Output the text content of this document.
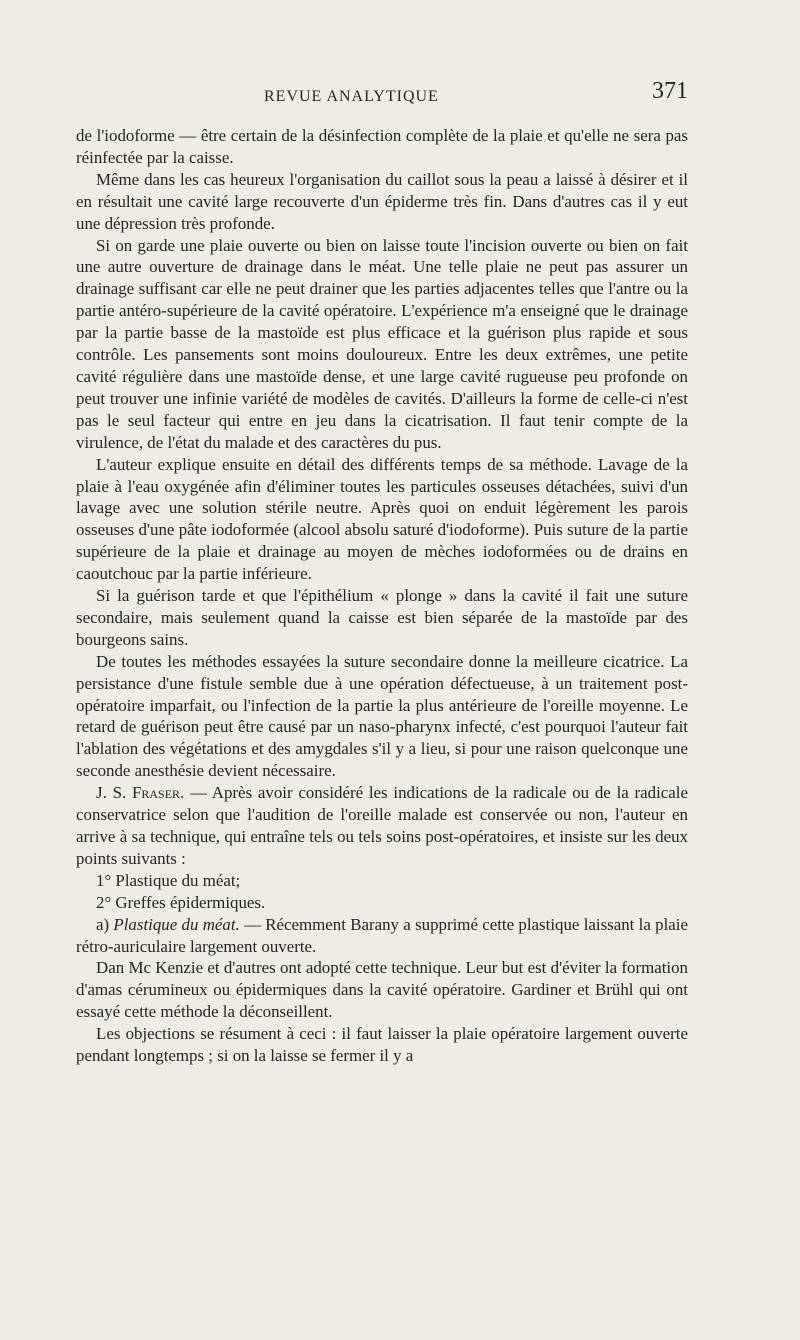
REVUE ANALYTIQUE	371

de l'iodoforme — être certain de la désinfection complète de la plaie et qu'elle ne sera pas réinfectée par la caisse.

Même dans les cas heureux l'organisation du caillot sous la peau a laissé à désirer et il en résultait une cavité large recouverte d'un épiderme très fin. Dans d'autres cas il y eut une dépression très profonde.

Si on garde une plaie ouverte ou bien on laisse toute l'incision ouverte ou bien on fait une autre ouverture de drainage dans le méat. Une telle plaie ne peut pas assurer un drainage suffisant car elle ne peut drainer que les parties adjacentes telles que l'antre ou la partie antéro-supérieure de la cavité opératoire. L'expérience m'a enseigné que le drainage par la partie basse de la mastoïde est plus efficace et la guérison plus rapide et sous contrôle. Les pansements sont moins douloureux. Entre les deux extrêmes, une petite cavité régulière dans une mastoïde dense, et une large cavité rugueuse peu profonde on peut trouver une infinie variété de modèles de cavités. D'ailleurs la forme de celle-ci n'est pas le seul facteur qui entre en jeu dans la cicatrisation. Il faut tenir compte de la virulence, de l'état du malade et des caractères du pus.

L'auteur explique ensuite en détail des différents temps de sa méthode. Lavage de la plaie à l'eau oxygénée afin d'éliminer toutes les particules osseuses détachées, suivi d'un lavage avec une solution stérile neutre. Après quoi on enduit légèrement les parois osseuses d'une pâte iodoformée (alcool absolu saturé d'iodoforme). Puis suture de la partie supérieure de la plaie et drainage au moyen de mèches iodoformées ou de drains en caoutchouc par la partie inférieure.

Si la guérison tarde et que l'épithélium « plonge » dans la cavité il fait une suture secondaire, mais seulement quand la caisse est bien séparée de la mastoïde par des bourgeons sains.

De toutes les méthodes essayées la suture secondaire donne la meilleure cicatrice. La persistance d'une fistule semble due à une opération défectueuse, à un traitement post-opératoire imparfait, ou l'infection de la partie la plus antérieure de l'oreille moyenne. Le retard de guérison peut être causé par un naso-pharynx infecté, c'est pourquoi l'auteur fait l'ablation des végétations et des amygdales s'il y a lieu, si pour une raison quelconque une seconde anesthésie devient nécessaire.

J. S. Fraser. — Après avoir considéré les indications de la radicale ou de la radicale conservatrice selon que l'audition de l'oreille malade est conservée ou non, l'auteur en arrive à sa technique, qui entraîne tels ou tels soins post-opératoires, et insiste sur les deux points suivants :

1° Plastique du méat;

2° Greffes épidermiques.

a) Plastique du méat. — Récemment Barany a supprimé cette plastique laissant la plaie rétro-auriculaire largement ouverte.

Dan Mc Kenzie et d'autres ont adopté cette technique. Leur but est d'éviter la formation d'amas cérumineux ou épidermiques dans la cavité opératoire. Gardiner et Brühl qui ont essayé cette méthode la déconseillent.

Les objections se résument à ceci : il faut laisser la plaie opératoire largement ouverte pendant longtemps ; si on la laisse se fermer il y a
